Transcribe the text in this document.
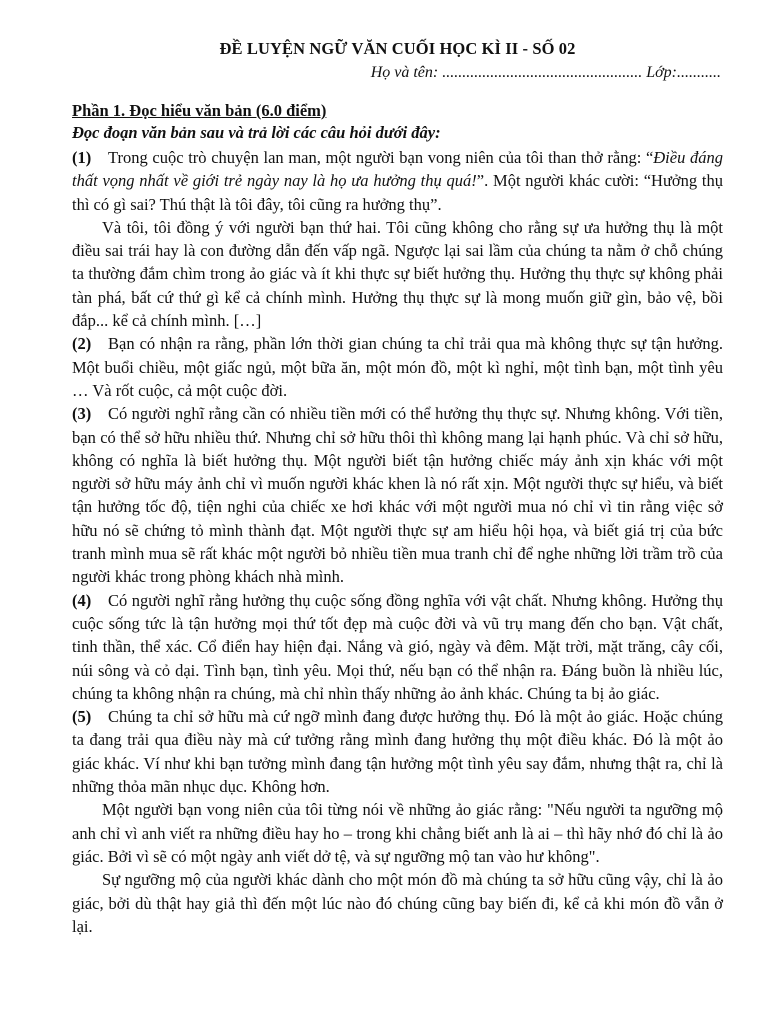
ĐỀ LUYỆN NGỮ VĂN CUỐI HỌC KÌ II - SỐ 02
Họ và tên: .................................................. Lớp:...........
Phần 1. Đọc hiểu văn bản (6.0 điểm)
Đọc đoạn văn bản sau và trả lời các câu hỏi dưới đây:

(1) Trong cuộc trò chuyện lan man, một người bạn vong niên của tôi than thở rằng: “Điều đáng thất vọng nhất về giới trẻ ngày nay là họ ưa hưởng thụ quá!”. Một người khác cười: “Hưởng thụ thì có gì sai? Thú thật là tôi đây, tôi cũng ra hưởng thụ”.

Và tôi, tôi đồng ý với người bạn thứ hai. Tôi cũng không cho rằng sự ưa hưởng thụ là một điều sai trái hay là con đường dẫn đến vấp ngã. Ngược lại sai lầm của chúng ta nằm ở chỗ chúng ta thường đắm chìm trong ảo giác và ít khi thực sự biết hưởng thụ. Hưởng thụ thực sự không phải tàn phá, bất cứ thứ gì kể cả chính mình. Hưởng thụ thực sự là mong muốn giữ gìn, bảo vệ, bồi đắp... kể cả chính mình. […]

(2) Bạn có nhận ra rằng, phần lớn thời gian chúng ta chỉ trải qua mà không thực sự tận hưởng. Một buổi chiều, một giấc ngủ, một bữa ăn, một món đồ, một kì nghỉ, một tình bạn, một tình yêu … Và rốt cuộc, cả một cuộc đời.

(3) Có người nghĩ rằng cần có nhiều tiền mới có thể hưởng thụ thực sự. Nhưng không. Với tiền, bạn có thể sở hữu nhiều thứ. Nhưng chỉ sở hữu thôi thì không mang lại hạnh phúc. Và chỉ sở hữu, không có nghĩa là biết hưởng thụ. Một người biết tận hưởng chiếc máy ảnh xịn khác với một người sở hữu máy ảnh chỉ vì muốn người khác khen là nó rất xịn. Một người thực sự hiểu, và biết tận hưởng tốc độ, tiện nghi của chiếc xe hơi khác với một người mua nó chỉ vì tin rằng việc sở hữu nó sẽ chứng tỏ mình thành đạt. Một người thực sự am hiểu hội họa, và biết giá trị của bức tranh mình mua sẽ rất khác một người bỏ nhiều tiền mua tranh chỉ để nghe những lời trầm trồ của người khác trong phòng khách nhà mình.

(4) Có người nghĩ rằng hưởng thụ cuộc sống đồng nghĩa với vật chất. Nhưng không. Hưởng thụ cuộc sống tức là tận hưởng mọi thứ tốt đẹp mà cuộc đời và vũ trụ mang đến cho bạn. Vật chất, tinh thần, thể xác. Cổ điển hay hiện đại. Nắng và gió, ngày và đêm. Mặt trời, mặt trăng, cây cối, núi sông và cỏ dại. Tình bạn, tình yêu. Mọi thứ, nếu bạn có thể nhận ra. Đáng buồn là nhiều lúc, chúng ta không nhận ra chúng, mà chỉ nhìn thấy những ảo ảnh khác. Chúng ta bị ảo giác.

(5) Chúng ta chỉ sở hữu mà cứ ngỡ mình đang được hưởng thụ. Đó là một ảo giác. Hoặc chúng ta đang trải qua điều này mà cứ tưởng rằng mình đang hưởng thụ một điều khác. Đó là một ảo giác khác. Ví như khi bạn tưởng mình đang tận hưởng một tình yêu say đắm, nhưng thật ra, chỉ là những thỏa mãn nhục dục. Không hơn.

Một người bạn vong niên của tôi từng nói về những ảo giác rằng: "Nếu người ta ngưỡng mộ anh chỉ vì anh viết ra những điều hay ho – trong khi chẳng biết anh là ai – thì hãy nhớ đó chỉ là ảo giác. Bởi vì sẽ có một ngày anh viết dở tệ, và sự ngưỡng mộ tan vào hư không".

Sự ngưỡng mộ của người khác dành cho một món đồ mà chúng ta sở hữu cũng vậy, chỉ là ảo giác, bởi dù thật hay giả thì đến một lúc nào đó chúng cũng bay biến đi, kể cả khi món đồ vẫn ở lại.
